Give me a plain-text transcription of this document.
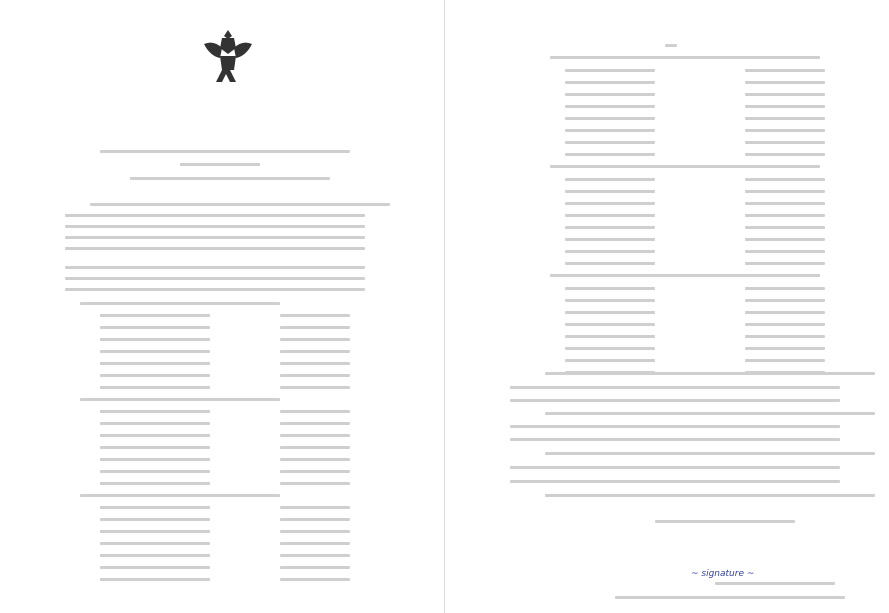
~ signature ~
